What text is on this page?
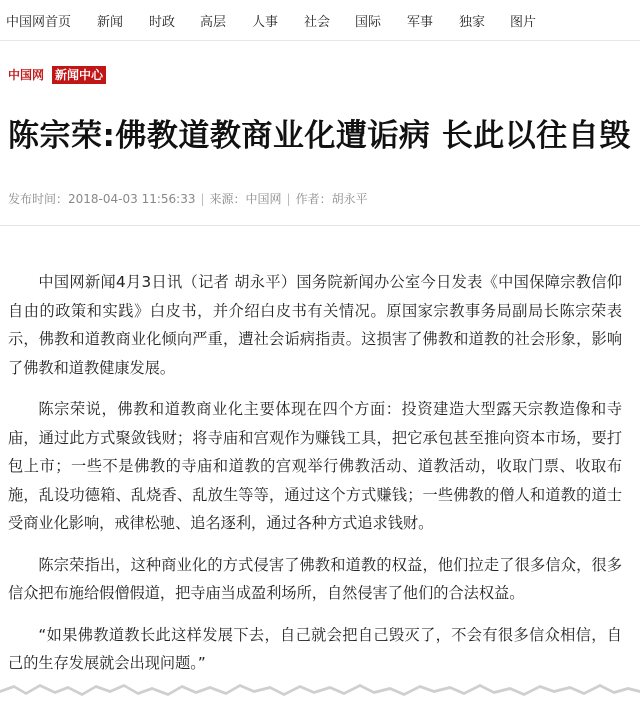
中国网首页 新闻 时政 高层 人事 社会 国际 军事 独家 图片
中国网 新闻中心
陈宗荣:佛教道教商业化遭诟病 长此以往自毁
发布时间：2018-04-03 11:56:33 | 来源：中国网 | 作者：胡永平

中国网新闻4月3日讯（记者 胡永平）国务院新闻办公室今日发表《中国保障宗教信仰自由的政策和实践》白皮书，并介绍白皮书有关情况。原国家宗教事务局副局长陈宗荣表示，佛教和道教商业化倾向严重，遭社会诟病指责。这损害了佛教和道教的社会形象，影响了佛教和道教健康发展。

陈宗荣说，佛教和道教商业化主要体现在四个方面：投资建造大型露天宗教造像和寺庙，通过此方式聚敛钱财；将寺庙和宫观作为赚钱工具，把它承包甚至推向资本市场，要打包上市；一些不是佛教的寺庙和道教的宫观举行佛教活动、道教活动，收取门票、收取布施，乱设功德箱、乱烧香、乱放生等等，通过这个方式赚钱；一些佛教的僧人和道教的道士受商业化影响，戒律松驰、追名逐利，通过各种方式追求钱财。

陈宗荣指出，这种商业化的方式侵害了佛教和道教的权益，他们拉走了很多信众，很多信众把布施给假僧假道，把寺庙当成盈利场所，自然侵害了他们的合法权益。

“如果佛教道教长此这样发展下去，自己就会把自己毁灭了，不会有很多信众相信，自己的生存发展就会出现问题。”
